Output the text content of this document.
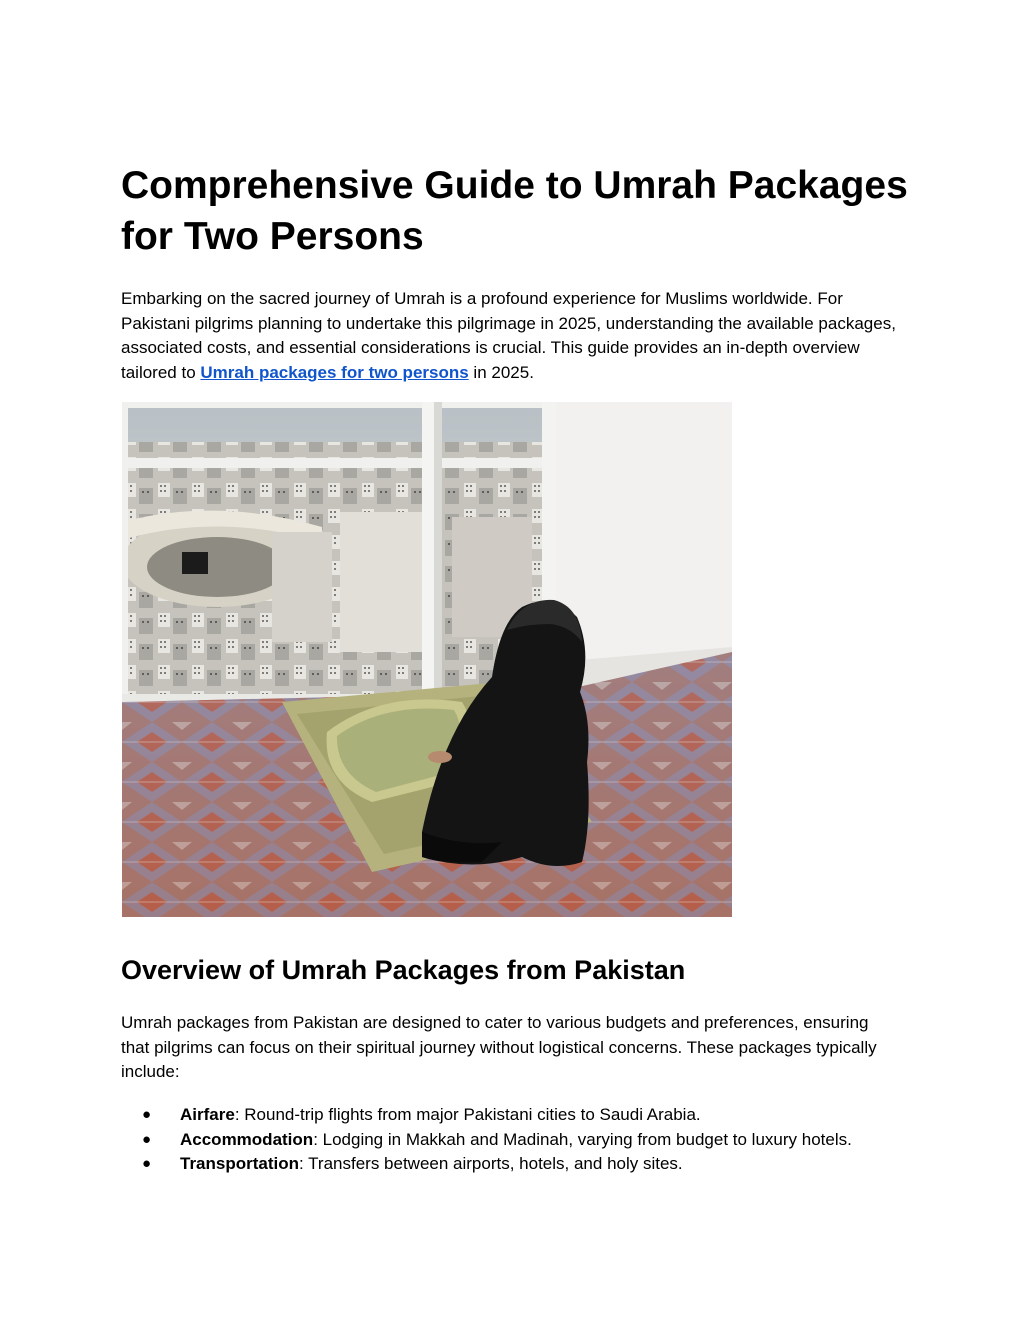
Comprehensive Guide to Umrah Packages for Two Persons

Embarking on the sacred journey of Umrah is a profound experience for Muslims worldwide. For Pakistani pilgrims planning to undertake this pilgrimage in 2025, understanding the available packages, associated costs, and essential considerations is crucial. This guide provides an in-depth overview tailored to Umrah packages for two persons in 2025.

Overview of Umrah Packages from Pakistan

Umrah packages from Pakistan are designed to cater to various budgets and preferences, ensuring that pilgrims can focus on their spiritual journey without logistical concerns. These packages typically include:

● Airfare: Round-trip flights from major Pakistani cities to Saudi Arabia.
● Accommodation: Lodging in Makkah and Madinah, varying from budget to luxury hotels.
● Transportation: Transfers between airports, hotels, and holy sites.
